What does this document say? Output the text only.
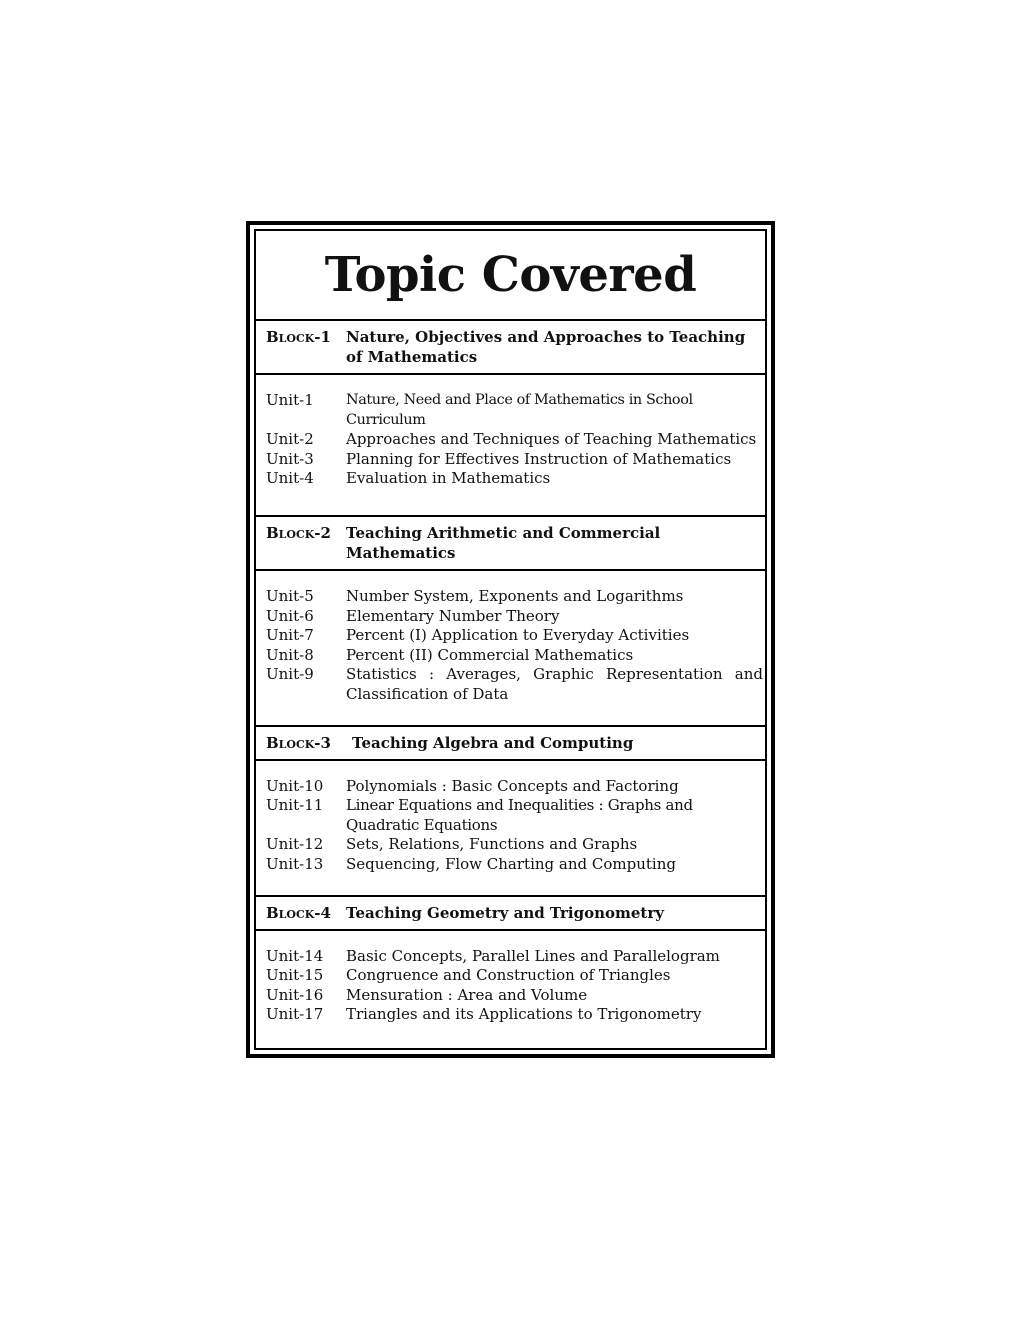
Topic Covered
Block-1	Nature, Objectives and Approaches to Teaching of Mathematics
Unit-1	Nature, Need and Place of Mathematics in School Curriculum
Unit-2	Approaches and Techniques of Teaching Mathematics
Unit-3	Planning for Effectives Instruction of Mathematics
Unit-4	Evaluation in Mathematics
Block-2	Teaching Arithmetic and Commercial Mathematics
Unit-5	Number System, Exponents and Logarithms
Unit-6	Elementary Number Theory
Unit-7	Percent (I) Application to Everyday Activities
Unit-8	Percent (II) Commercial Mathematics
Unit-9	Statistics : Averages, Graphic Representation and Classification of Data
Block-3	Teaching Algebra and Computing
Unit-10	Polynomials : Basic Concepts and Factoring
Unit-11	Linear Equations and Inequalities : Graphs and Quadratic Equations
Unit-12	Sets, Relations, Functions and Graphs
Unit-13	Sequencing, Flow Charting and Computing
Block-4	Teaching Geometry and Trigonometry
Unit-14	Basic Concepts, Parallel Lines and Parallelogram
Unit-15	Congruence and Construction of Triangles
Unit-16	Mensuration : Area and Volume
Unit-17	Triangles and its Applications to Trigonometry
